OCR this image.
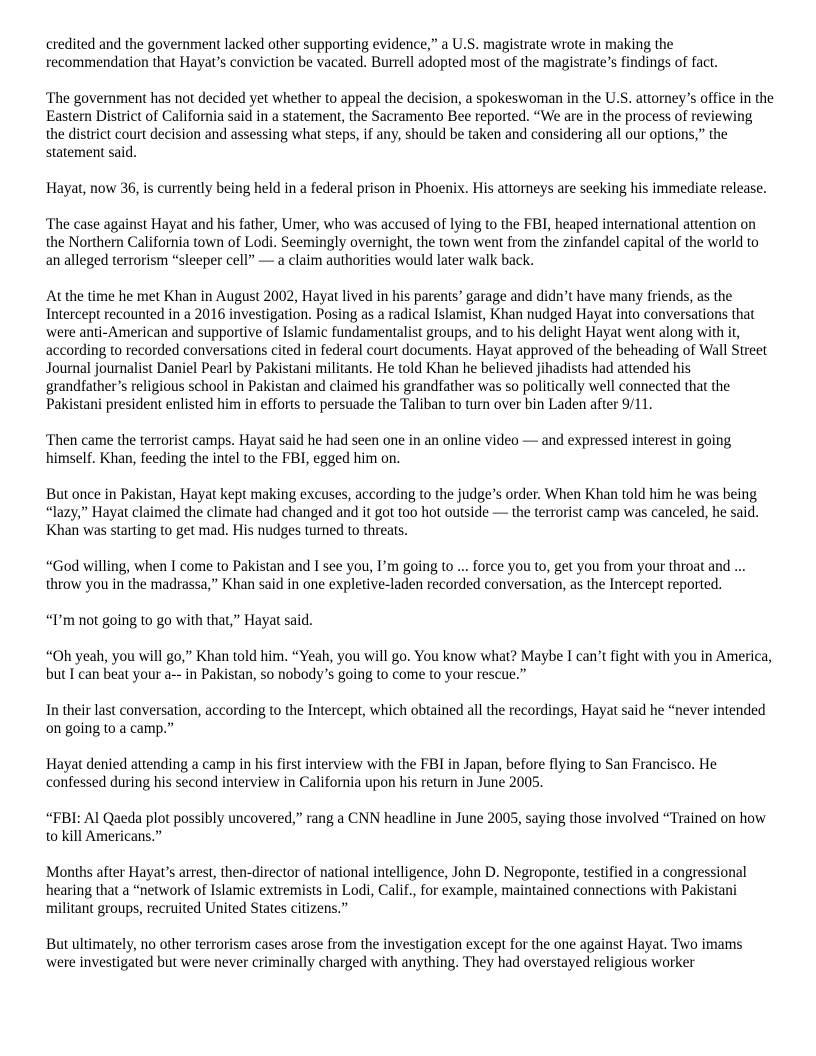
credited and the government lacked other supporting evidence,” a U.S. magistrate wrote in making the recommendation that Hayat’s conviction be vacated. Burrell adopted most of the magistrate’s findings of fact.

The government has not decided yet whether to appeal the decision, a spokeswoman in the U.S. attorney’s office in the Eastern District of California said in a statement, the Sacramento Bee reported. “We are in the process of reviewing the district court decision and assessing what steps, if any, should be taken and considering all our options,” the statement said.

Hayat, now 36, is currently being held in a federal prison in Phoenix. His attorneys are seeking his immediate release.

The case against Hayat and his father, Umer, who was accused of lying to the FBI, heaped international attention on the Northern California town of Lodi. Seemingly overnight, the town went from the zinfandel capital of the world to an alleged terrorism “sleeper cell” — a claim authorities would later walk back.

At the time he met Khan in August 2002, Hayat lived in his parents’ garage and didn’t have many friends, as the Intercept recounted in a 2016 investigation. Posing as a radical Islamist, Khan nudged Hayat into conversations that were anti-American and supportive of Islamic fundamentalist groups, and to his delight Hayat went along with it, according to recorded conversations cited in federal court documents. Hayat approved of the beheading of Wall Street Journal journalist Daniel Pearl by Pakistani militants. He told Khan he believed jihadists had attended his grandfather’s religious school in Pakistan and claimed his grandfather was so politically well connected that the Pakistani president enlisted him in efforts to persuade the Taliban to turn over bin Laden after 9/11.

Then came the terrorist camps. Hayat said he had seen one in an online video — and expressed interest in going himself. Khan, feeding the intel to the FBI, egged him on.

But once in Pakistan, Hayat kept making excuses, according to the judge’s order. When Khan told him he was being “lazy,” Hayat claimed the climate had changed and it got too hot outside — the terrorist camp was canceled, he said. Khan was starting to get mad. His nudges turned to threats.

“God willing, when I come to Pakistan and I see you, I’m going to ... force you to, get you from your throat and ... throw you in the madrassa,” Khan said in one expletive-laden recorded conversation, as the Intercept reported.

“I’m not going to go with that,” Hayat said.

“Oh yeah, you will go,” Khan told him. “Yeah, you will go. You know what? Maybe I can’t fight with you in America, but I can beat your a-- in Pakistan, so nobody’s going to come to your rescue.”

In their last conversation, according to the Intercept, which obtained all the recordings, Hayat said he “never intended on going to a camp.”

Hayat denied attending a camp in his first interview with the FBI in Japan, before flying to San Francisco. He confessed during his second interview in California upon his return in June 2005.

“FBI: Al Qaeda plot possibly uncovered,” rang a CNN headline in June 2005, saying those involved “Trained on how to kill Americans.”

Months after Hayat’s arrest, then-director of national intelligence, John D. Negroponte, testified in a congressional hearing that a “network of Islamic extremists in Lodi, Calif., for example, maintained connections with Pakistani militant groups, recruited United States citizens.”

But ultimately, no other terrorism cases arose from the investigation except for the one against Hayat. Two imams were investigated but were never criminally charged with anything. They had overstayed religious worker
